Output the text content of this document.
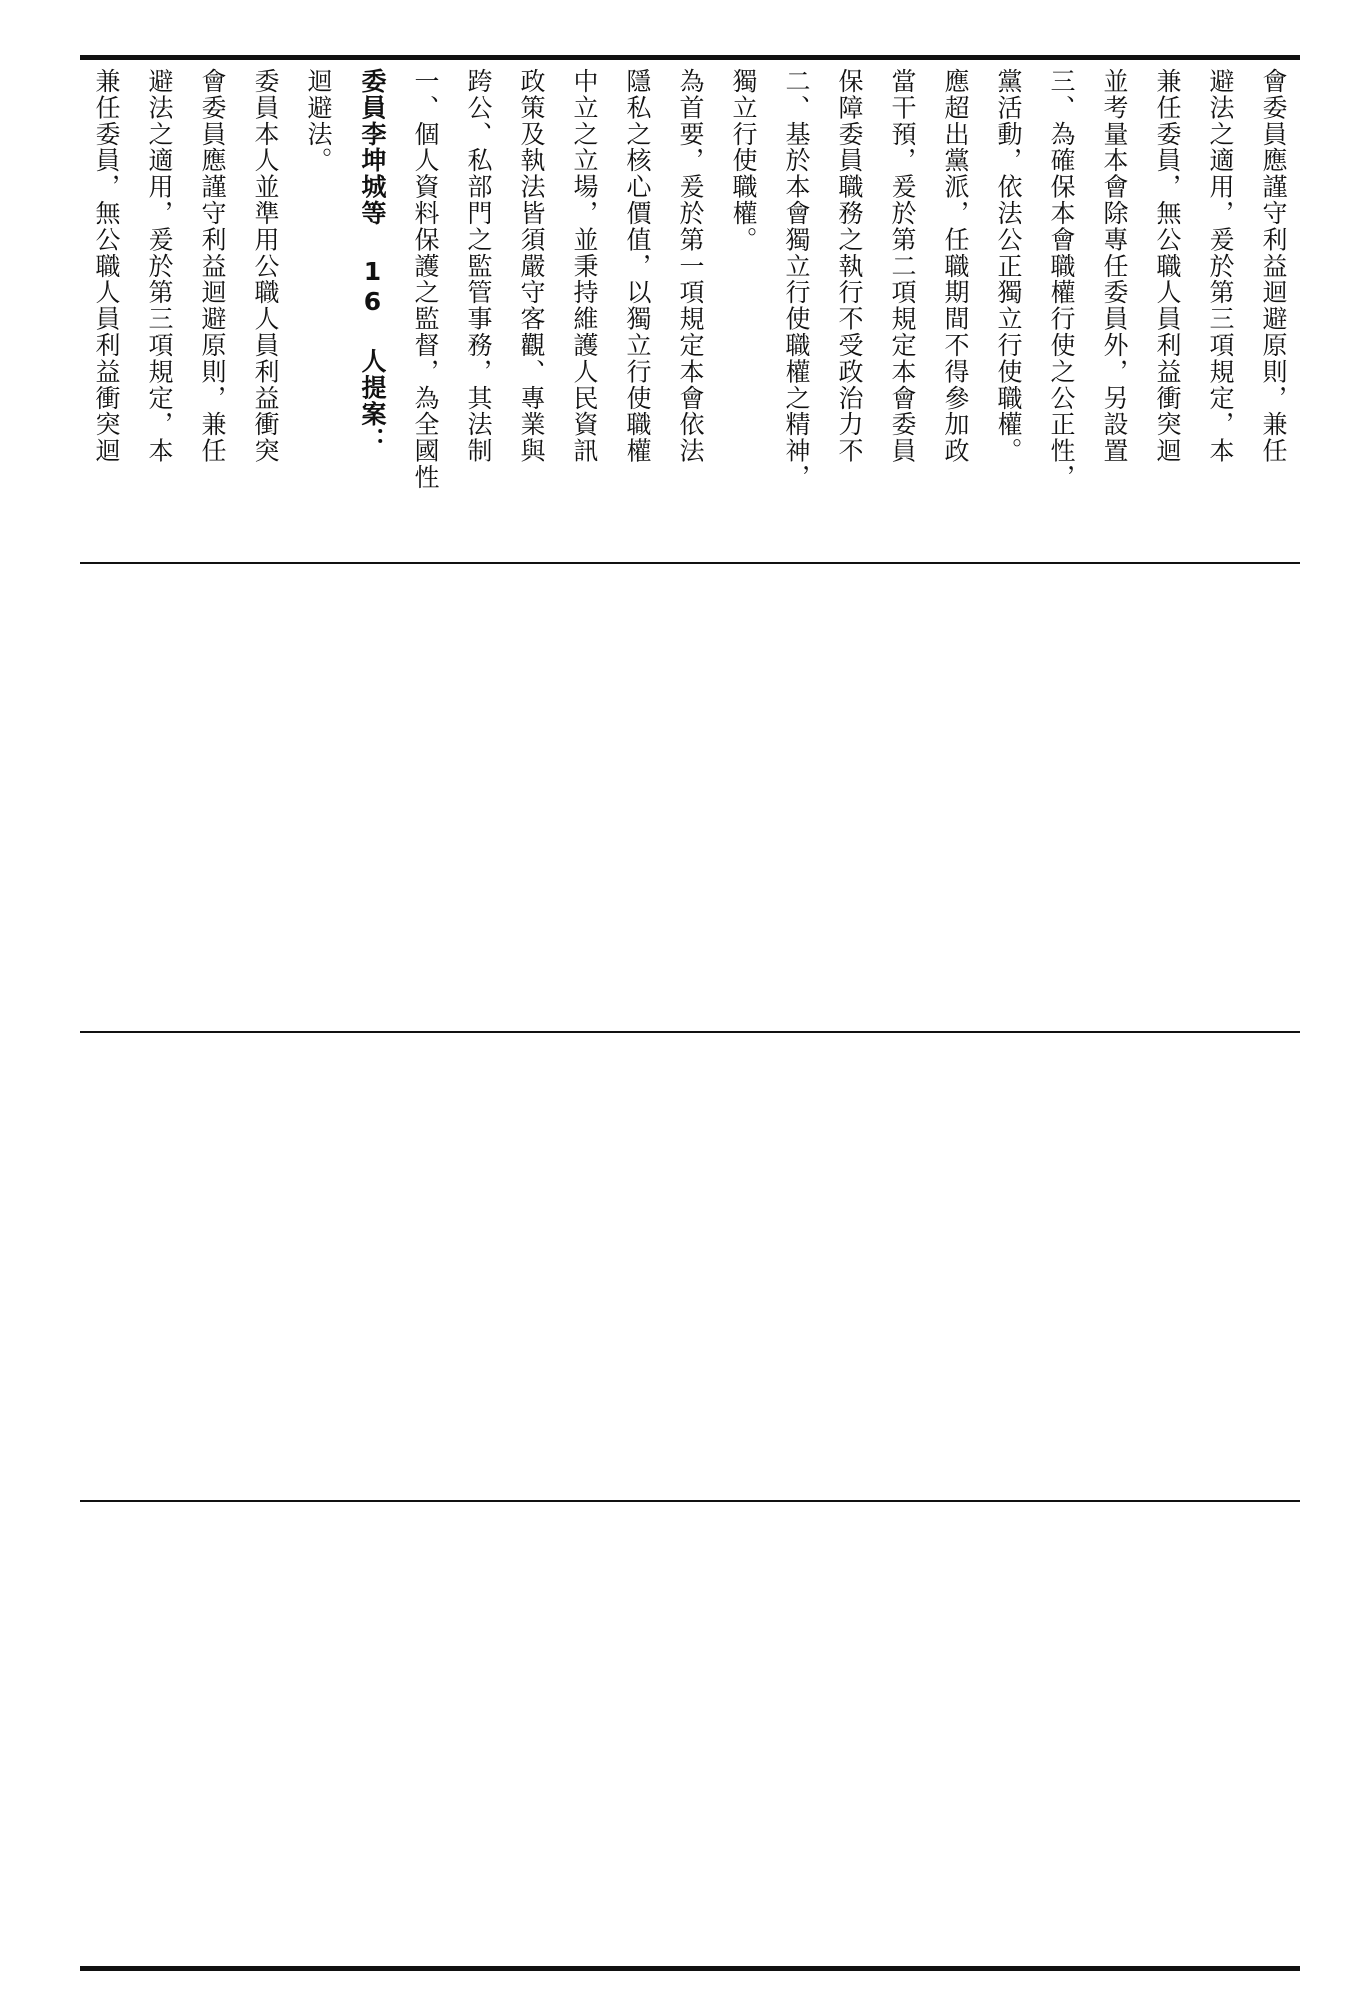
兼任委員，無公職人員利益衝突迴 避法之適用，爰於第三項規定，本 會委員應謹守利益迴避原則，兼任 委員本人並準用公職人員利益衝突 迴避法。	委員李坤城等 16 人提案： 一、個人資料保護之監督，為全國性 跨公、私部門之監管事務，其法制 政策及執法皆須嚴守客觀、專業與 中立之立場，並秉持維護人民資訊 隱私之核心價值，以獨立行使職權 為首要，爰於第一項規定本會依法 獨立行使職權。 二、基於本會獨立行使職權之精神， 保障委員職務之執行不受政治力不 當干預，爰於第二項規定本會委員 應超出黨派，任職期間不得參加政 黨活動，依法公正獨立行使職權。 三、為確保本會職權行使之公正性， 並考量本會除專任委員外，另設置 兼任委員，無公職人員利益衝突迴 避法之適用，爰於第三項規定，本 會委員應謹守利益迴避原則，兼任
